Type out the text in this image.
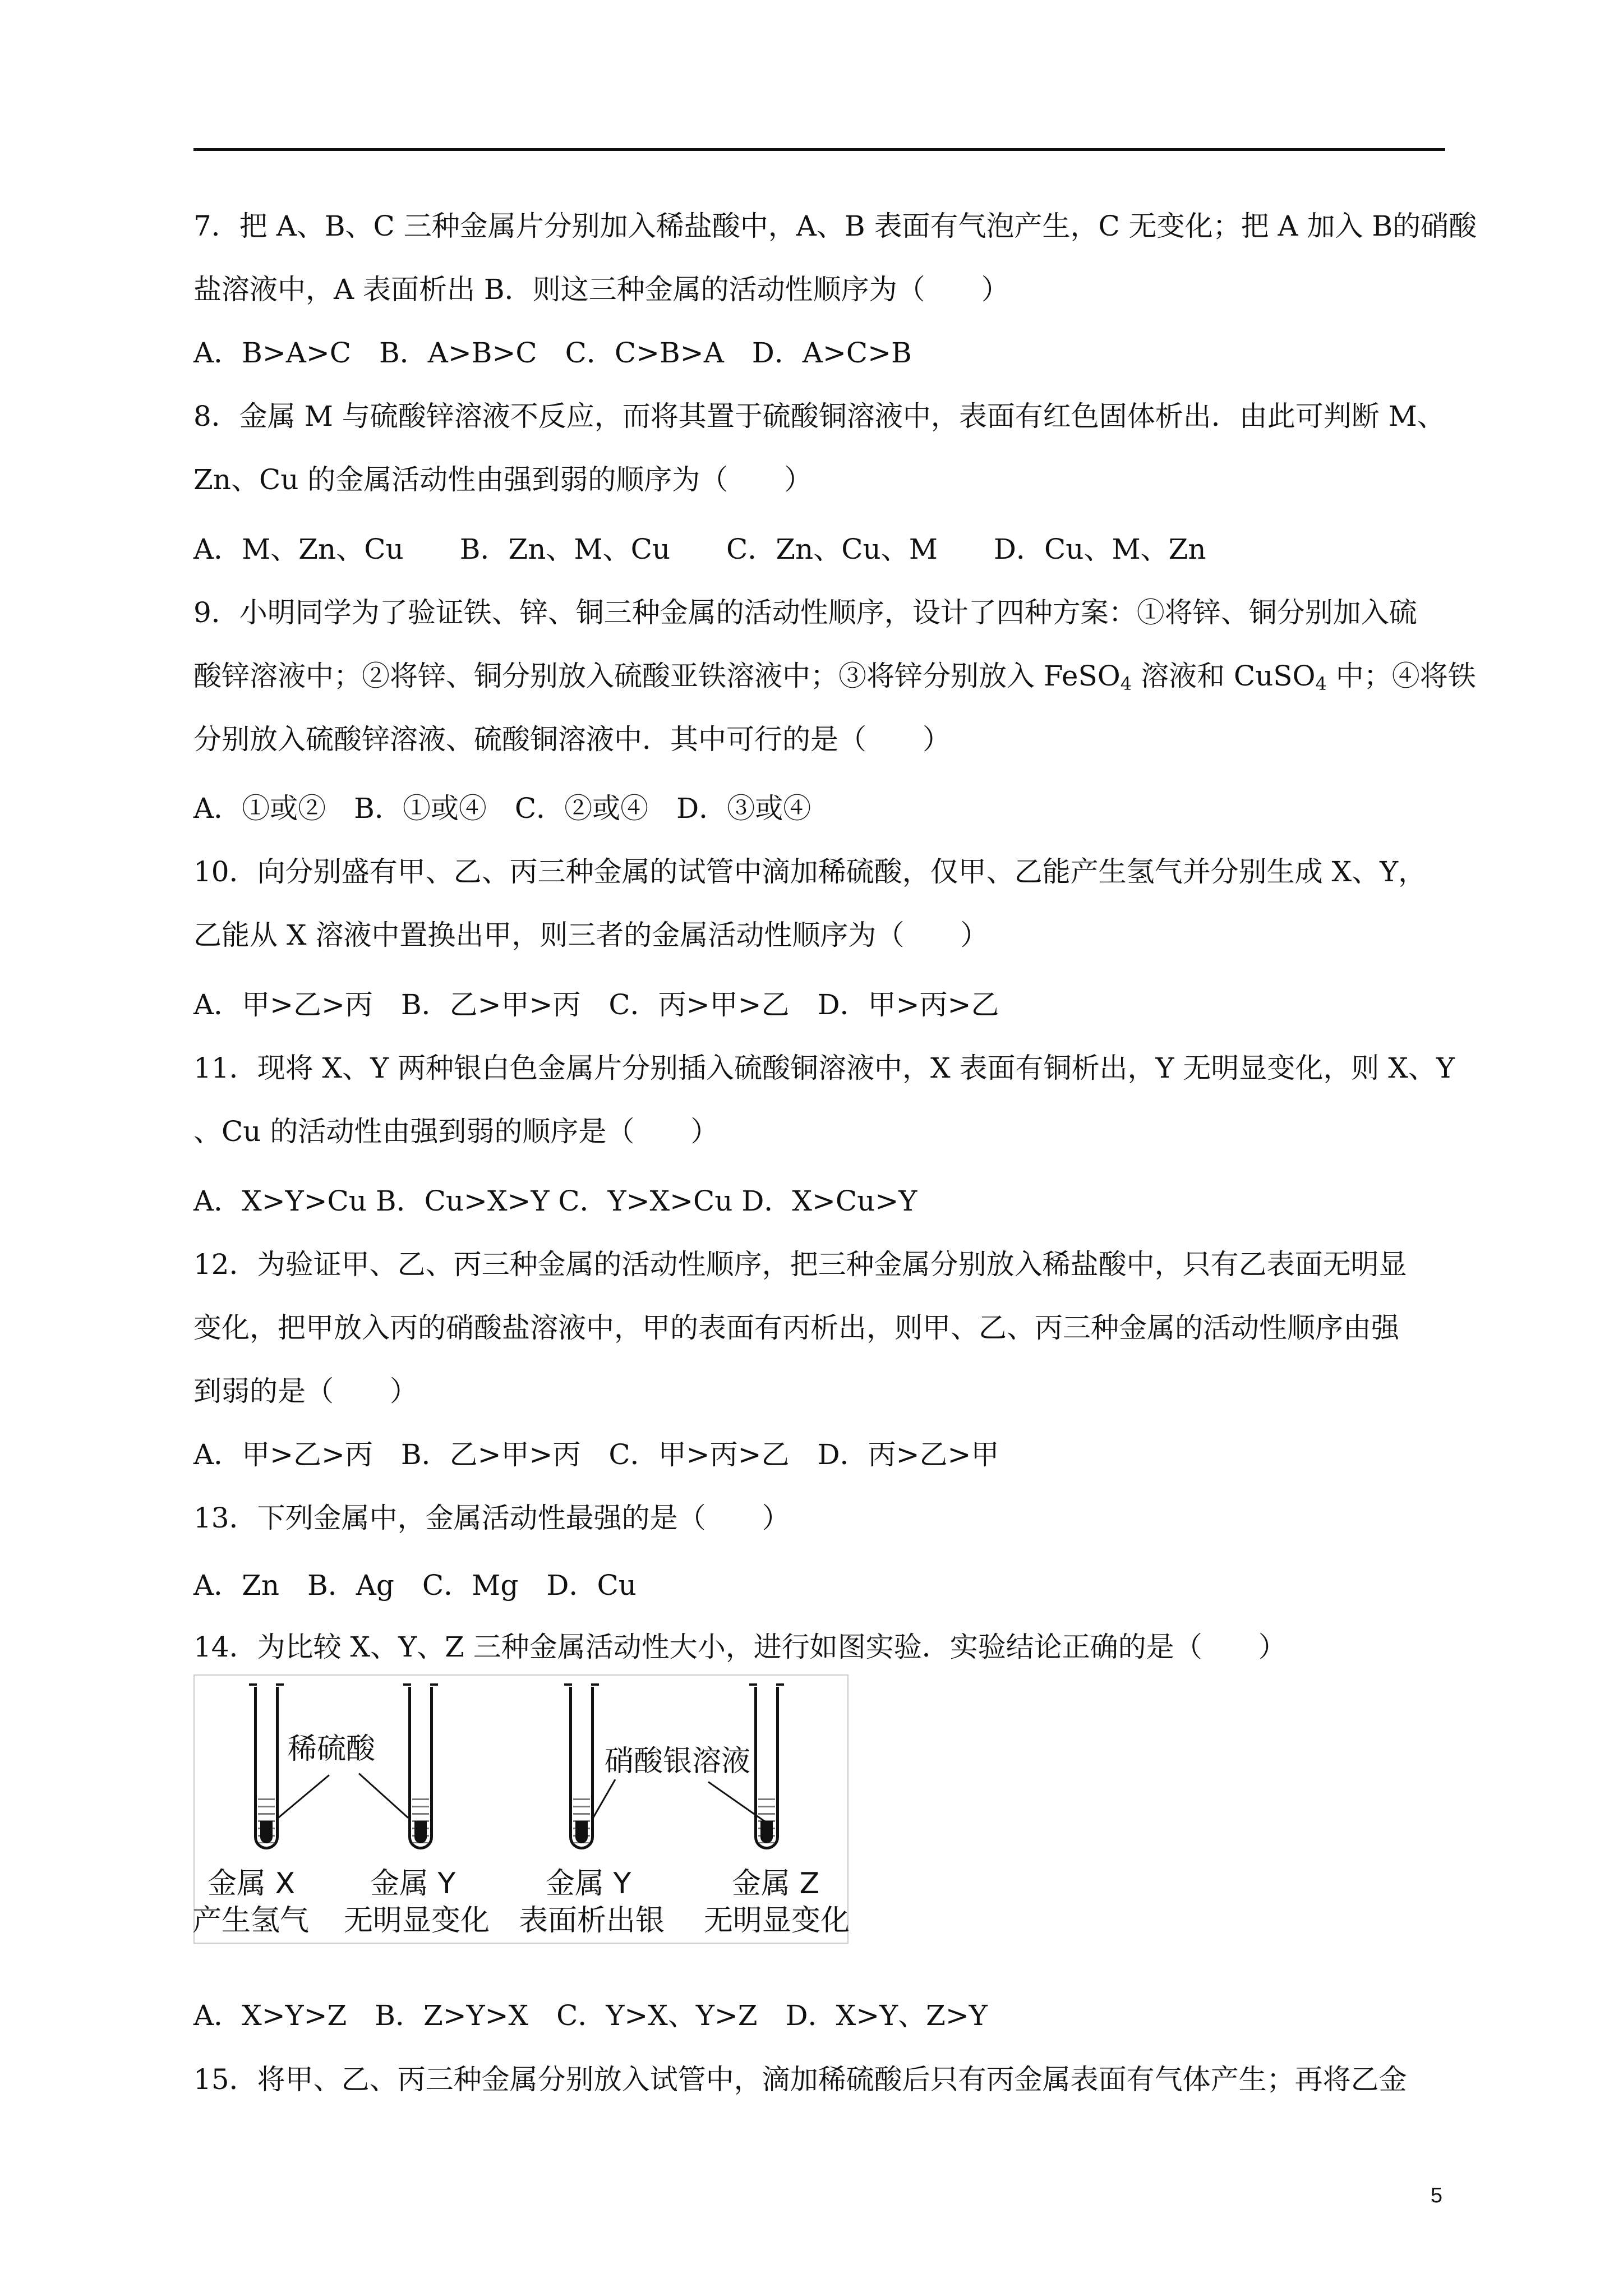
7．把 A、B、C 三种金属片分别加入稀盐酸中，A、B 表面有气泡产生，C 无变化；把 A 加入 B的硝酸
盐溶液中，A 表面析出 B．则这三种金属的活动性顺序为（　　）
A．B>A>C　B．A>B>C　C．C>B>A　D．A>C>B
8．金属 M 与硫酸锌溶液不反应，而将其置于硫酸铜溶液中，表面有红色固体析出．由此可判断 M、
Zn、Cu 的金属活动性由强到弱的顺序为（　　）
A．M、Zn、Cu　　B．Zn、M、Cu　　C．Zn、Cu、M　　D．Cu、M、Zn
9．小明同学为了验证铁、锌、铜三种金属的活动性顺序，设计了四种方案：①将锌、铜分别加入硫
酸锌溶液中；②将锌、铜分别放入硫酸亚铁溶液中；③将锌分别放入 FeSO$_4$ 溶液和 CuSO$_4$ 中；④将铁
分别放入硫酸锌溶液、硫酸铜溶液中．其中可行的是（　　）
A．①或②　B．①或④　C．②或④　D．③或④
10．向分别盛有甲、乙、丙三种金属的试管中滴加稀硫酸，仅甲、乙能产生氢气并分别生成 X、Y，
乙能从 X 溶液中置换出甲，则三者的金属活动性顺序为（　　）
A．甲>乙>丙　B．乙>甲>丙　C．丙>甲>乙　D．甲>丙>乙
11．现将 X、Y 两种银白色金属片分别插入硫酸铜溶液中，X 表面有铜析出，Y 无明显变化，则 X、Y
、Cu 的活动性由强到弱的顺序是（　　）
A．X>Y>Cu B．Cu>X>Y C．Y>X>Cu D．X>Cu>Y
12．为验证甲、乙、丙三种金属的活动性顺序，把三种金属分别放入稀盐酸中，只有乙表面无明显
变化，把甲放入丙的硝酸盐溶液中，甲的表面有丙析出，则甲、乙、丙三种金属的活动性顺序由强
到弱的是（　　）
A．甲>乙>丙　B．乙>甲>丙　C．甲>丙>乙　D．丙>乙>甲
13．下列金属中，金属活动性最强的是（　　）
A．Zn　B．Ag　C．Mg　D．Cu
14．为比较 X、Y、Z 三种金属活动性大小，进行如图实验．实验结论正确的是（　　）
稀硫酸	硝酸银溶液
金属 X
产生氢气
金属 Y
无明显变化
金属 Y
表面析出银
金属 Z
无明显变化
A．X>Y>Z　B．Z>Y>X　C．Y>X、Y>Z　D．X>Y、Z>Y
15．将甲、乙、丙三种金属分别放入试管中，滴加稀硫酸后只有丙金属表面有气体产生；再将乙金
5
